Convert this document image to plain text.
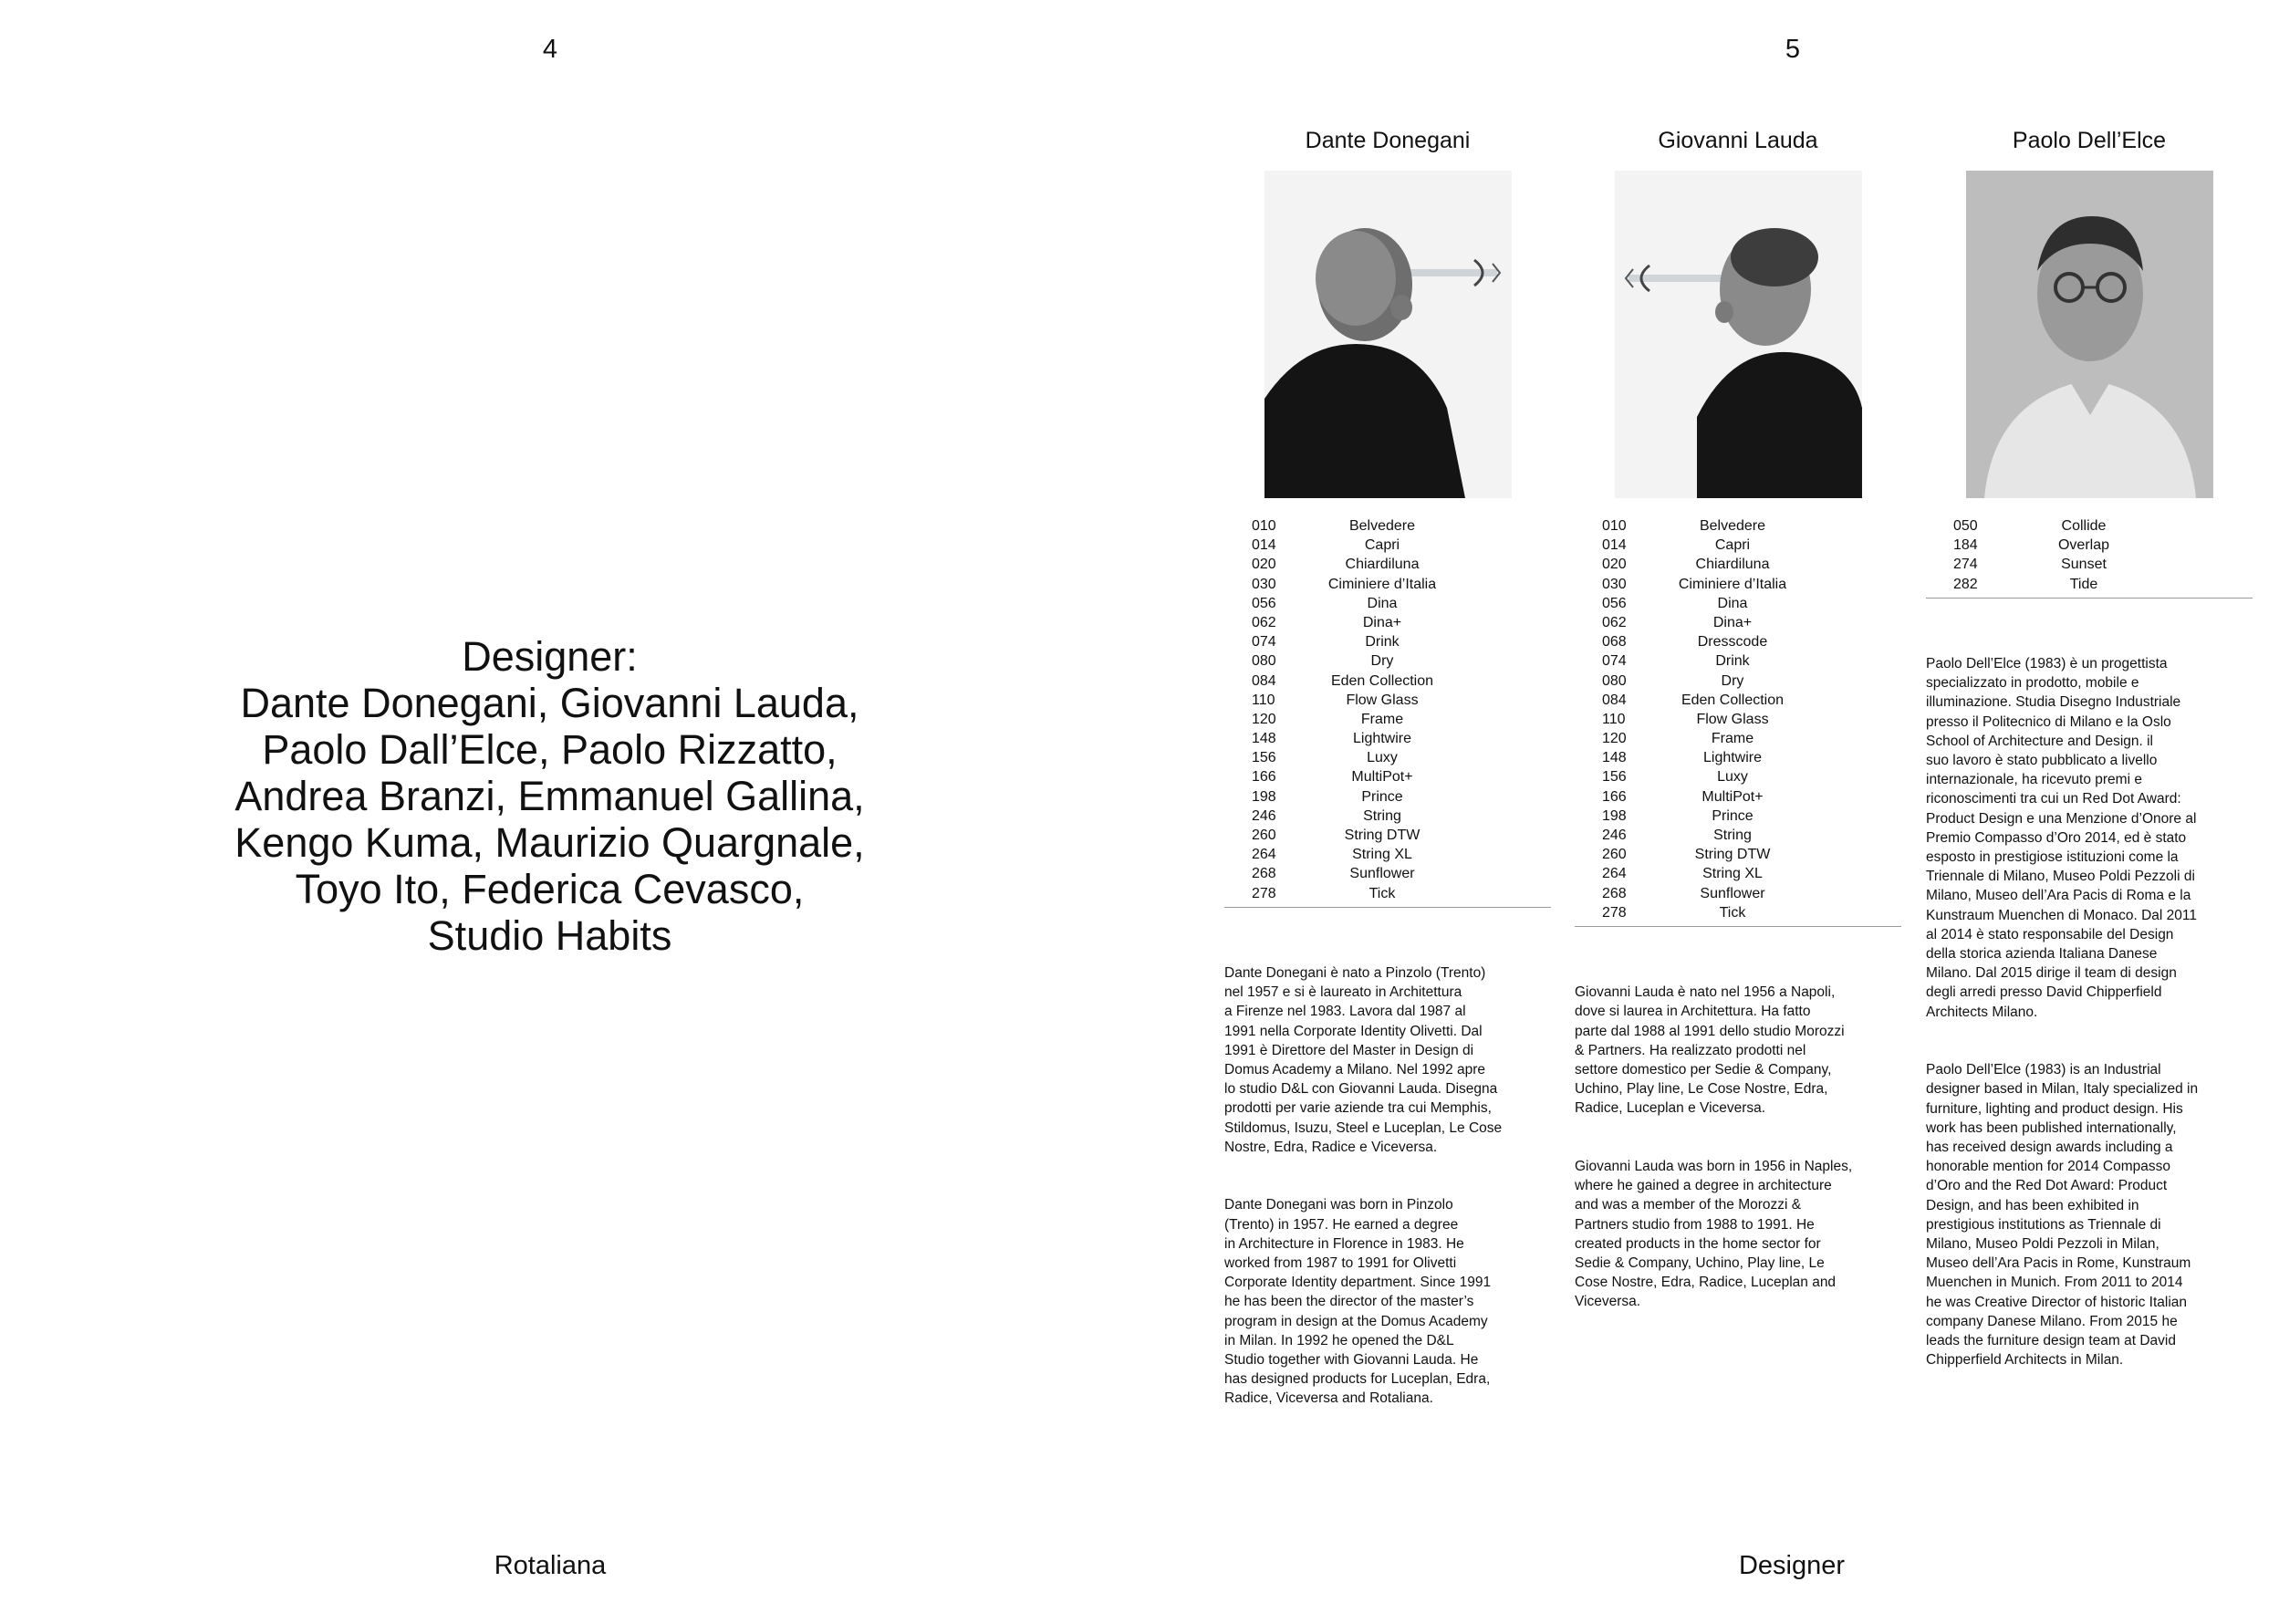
4
Designer:
Dante Donegani, Giovanni Lauda,
Paolo Dall’Elce, Paolo Rizzatto,
Andrea Branzi, Emmanuel Gallina,
Kengo Kuma, Maurizio Quargnale,
Toyo Ito, Federica Cevasco,
Studio Habits
Rotaliana
5
Dante Donegani
010	Belvedere
014	Capri
020	Chiardiluna
030	Ciminiere d’Italia
056	Dina
062	Dina+
074	Drink
080	Dry
084	Eden Collection
110	Flow Glass
120	Frame
148	Lightwire
156	Luxy
166	MultiPot+
198	Prince
246	String
260	String DTW
264	String XL
268	Sunflower
278	Tick

Dante Donegani è nato a Pinzolo (Trento)
nel 1957 e si è laureato in Architettura
a Firenze nel 1983. Lavora dal 1987 al
1991 nella Corporate Identity Olivetti. Dal
1991 è Direttore del Master in Design di
Domus Academy a Milano. Nel 1992 apre
lo studio D&L con Giovanni Lauda. Disegna
prodotti per varie aziende tra cui Memphis,
Stildomus, Isuzu, Steel e Luceplan, Le Cose
Nostre, Edra, Radice e Viceversa.

Dante Donegani was born in Pinzolo
(Trento) in 1957. He earned a degree
in Architecture in Florence in 1983. He
worked from 1987 to 1991 for Olivetti
Corporate Identity department. Since 1991
he has been the director of the master’s
program in design at the Domus Academy
in Milan. In 1992 he opened the D&L
Studio together with Giovanni Lauda. He
has designed products for Luceplan, Edra,
Radice, Viceversa and Rotaliana.

Giovanni Lauda
010	Belvedere
014	Capri
020	Chiardiluna
030	Ciminiere d’Italia
056	Dina
062	Dina+
068	Dresscode
074	Drink
080	Dry
084	Eden Collection
110	Flow Glass
120	Frame
148	Lightwire
156	Luxy
166	MultiPot+
198	Prince
246	String
260	String DTW
264	String XL
268	Sunflower
278	Tick

Giovanni Lauda è nato nel 1956 a Napoli,
dove si laurea in Architettura. Ha fatto
parte dal 1988 al 1991 dello studio Morozzi
& Partners. Ha realizzato prodotti nel
settore domestico per Sedie & Company,
Uchino, Play line, Le Cose Nostre, Edra,
Radice, Luceplan e Viceversa.

Giovanni Lauda was born in 1956 in Naples,
where he gained a degree in architecture
and was a member of the Morozzi &
Partners studio from 1988 to 1991. He
created products in the home sector for
Sedie & Company, Uchino, Play line, Le
Cose Nostre, Edra, Radice, Luceplan and
Viceversa.

Paolo Dell’Elce
050	Collide
184	Overlap
274	Sunset
282	Tide

Paolo Dell’Elce (1983) è un progettista
specializzato in prodotto, mobile e
illuminazione. Studia Disegno Industriale
presso il Politecnico di Milano e la Oslo
School of Architecture and Design. il
suo lavoro è stato pubblicato a livello
internazionale, ha ricevuto premi e
riconoscimenti tra cui un Red Dot Award:
Product Design e una Menzione d’Onore al
Premio Compasso d’Oro 2014, ed è stato
esposto in prestigiose istituzioni come la
Triennale di Milano, Museo Poldi Pezzoli di
Milano, Museo dell’Ara Pacis di Roma e la
Kunstraum Muenchen di Monaco. Dal 2011
al 2014 è stato responsabile del Design
della storica azienda Italiana Danese
Milano. Dal 2015 dirige il team di design
degli arredi presso David Chipperfield
Architects Milano.

Paolo Dell’Elce (1983) is an Industrial
designer based in Milan, Italy specialized in
furniture, lighting and product design. His
work has been published internationally,
has received design awards including a
honorable mention for 2014 Compasso
d’Oro and the Red Dot Award: Product
Design, and has been exhibited in
prestigious institutions as Triennale di
Milano, Museo Poldi Pezzoli in Milan,
Museo dell’Ara Pacis in Rome, Kunstraum
Muenchen in Munich. From 2011 to 2014
he was Creative Director of historic Italian
company Danese Milano. From 2015 he
leads the furniture design team at David
Chipperfield Architects in Milan.

Designer
